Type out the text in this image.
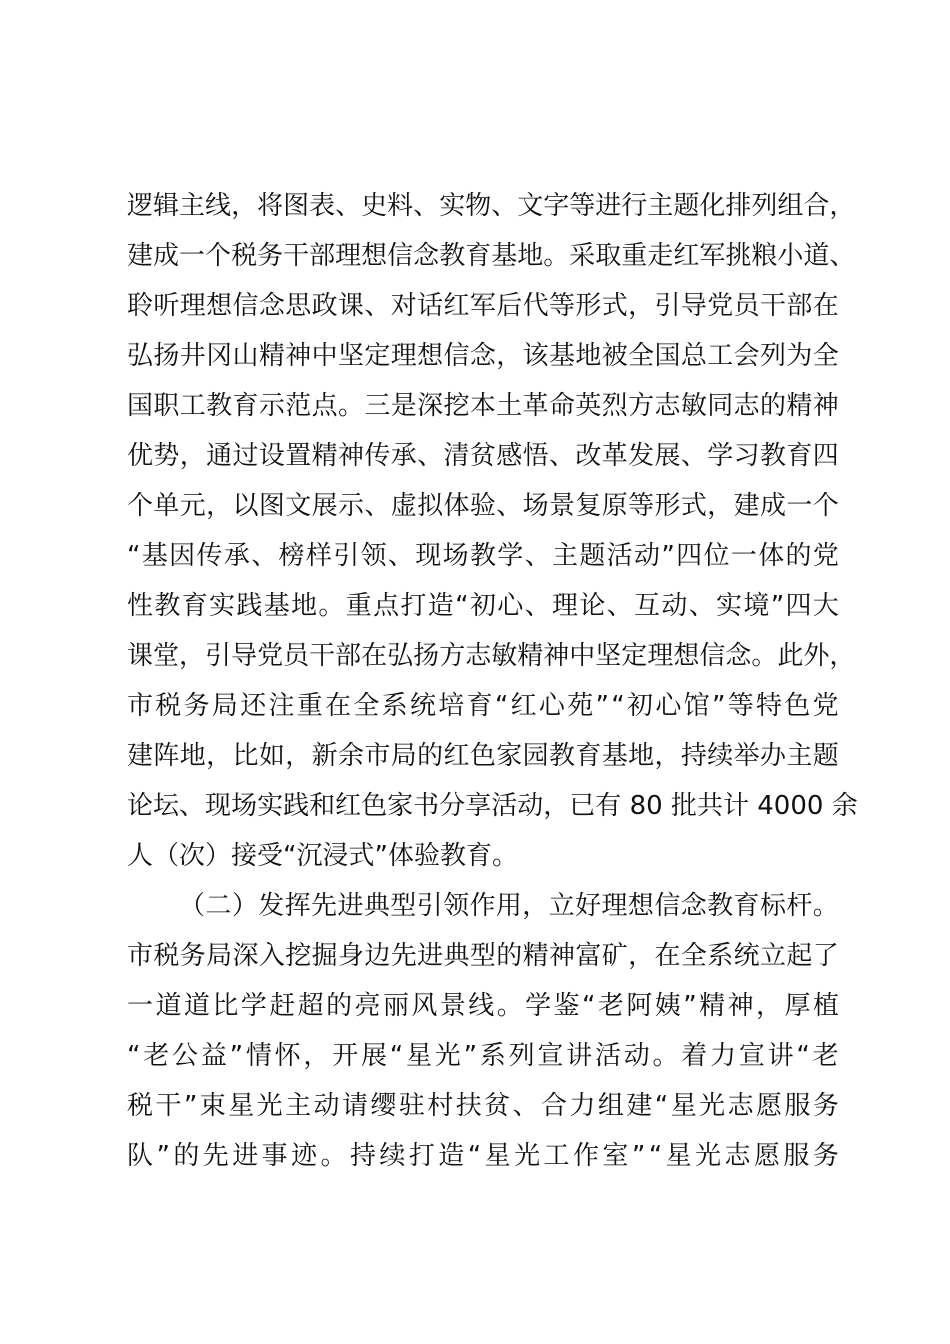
逻 辑 主 线 ， 将 图 表 、 史 料 、 实 物 、 文 字 等 进 行 主 题 化 排 列 组 合 ，
建 成 一 个 税 务 干 部 理 想 信 念 教 育 基 地 。 采 取 重 走 红 军 挑 粮 小 道 、
聆 听 理 想 信 念 思 政 课 、 对 话 红 军 后 代 等 形 式 ， 引 导 党 员 干 部 在
弘 扬 井 冈 山 精 神 中 坚 定 理 想 信 念 ， 该 基 地 被 全 国 总 工 会 列 为 全
国 职 工 教 育 示 范 点 。 三 是 深 挖 本 土 革 命 英 烈 方 志 敏 同 志 的 精 神
优 势 ， 通 过 设 置 精 神 传 承 、 清 贫 感 悟 、 改 革 发 展 、 学 习 教 育 四
个 单 元 ， 以 图 文 展 示 、 虚 拟 体 验 、 场 景 复 原 等 形 式 ， 建 成 一 个
“ 基 因 传 承 、 榜 样 引 领 、 现 场 教 学 、 主 题 活 动 ” 四 位 一 体 的 党
性 教 育 实 践 基 地 。 重 点 打 造 “ 初 心 、 理 论 、 互 动 、 实 境 ” 四 大
课 堂 ， 引 导 党 员 干 部 在 弘 扬 方 志 敏 精 神 中 坚 定 理 想 信 念 。 此 外 ，
市 税 务 局 还 注 重 在 全 系 统 培 育 “ 红 心 苑 ” “ 初 心 馆 ” 等 特 色 党
建 阵 地 ， 比 如 ， 新 余 市 局 的 红 色 家 园 教 育 基 地 ， 持 续 举 办 主 题
论 坛 、 现 场 实 践 和 红 色 家 书 分 享 活 动 ， 已 有
8 0
批 共 计
4 0 0 0
余
人（次）接受“沉浸式”体验教育。
（ 二 ） 发 挥 先 进 典 型 引 领 作 用 ， 立 好 理 想 信 念 教 育 标 杆 。
市 税 务 局 深 入 挖 掘 身 边 先 进 典 型 的 精 神 富 矿 ， 在 全 系 统 立 起 了
一 道 道 比 学 赶 超 的 亮 丽 风 景 线 。 学 鉴 “ 老 阿 姨 ” 精 神 ， 厚 植
“ 老 公 益 ” 情 怀 ， 开 展 “ 星 光 ” 系 列 宣 讲 活 动 。 着 力 宣 讲 “ 老
税 干 ” 束 星 光 主 动 请 缨 驻 村 扶 贫 、 合 力 组 建 “ 星 光 志 愿 服 务
队 ” 的 先 进 事 迹 。 持 续 打 造 “ 星 光 工 作 室 ” “ 星 光 志 愿 服 务
